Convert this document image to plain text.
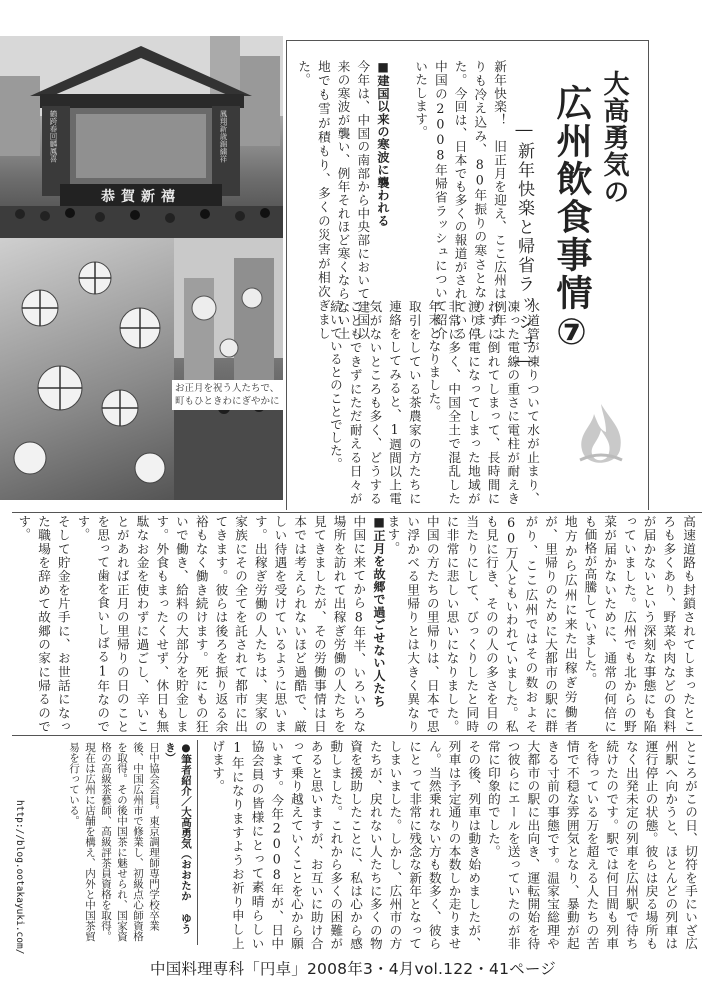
恭賀新禧
鶴跨春回麟鳳喜	鳳翔新歳錦繍祥
お正月を祝う人たちで、
町もひときわにぎやかに
大高勇気の
広州飲食事情⑦
―新年快楽と帰省ラッシュ―
新年快楽！　旧正月を迎え、ここ広州は例年よりも冷え込み、80年振りの寒さとなりました。今回は、日本でも多くの報道がされている中国の2008年帰省ラッシュについて紹介いたします。
■建国以来の寒波に襲われる
今年は、中国の南部から中央部において建国以来の寒波が襲い、例年それほど寒くならない土地でも雪が積もり、多くの災害が相次ぎました。
水道管が凍りついて水が止まり、凍った電線の重さに電柱が耐えきれずに倒れてしまって、長時間に渡り停電になってしまった地域が非常に多く、中国全土で混乱した年末となりました。
取引をしている茶農家の方たちに連絡をしてみると、1週間以上電気がないところも多く、どうすることもできずにただ耐える日々が続いているとのことでした。
高速道路も封鎖されてしまったところも多くあり、野菜や肉などの食料が届かないという深刻な事態にも陥っていました。広州でも北からの野菜が届かないために、通常の何倍にも価格が高騰していました。
地方から広州に来た出稼ぎ労働者が、里帰りのために大都市の駅に群がり、ここ広州ではその数およそ60万人ともいわれていました。私も見に行き、そのの人の多さを目の当たりにして、びっくりしたと同時に非常に悲しい思いになりました。中国の方たちの里帰りは、日本で思い浮かべる里帰りとは大きく異なります。
■正月を故郷で過ごせない人たち
中国に来てから8年半、いろいろな場所を訪れて出稼ぎ労働の人たちを見てきましたが、その労働事情は日本では考えられないほど過酷で、厳しい待遇を受けているように思います。出稼ぎ労働の人たちは、実家の家族にその全てを託されて都市に出てきます。彼らは後ろを振り返る余裕もなく働き続けます。死にもの狂いで働き、給料の大部分を貯金します。外食もまったくせず、休日も無駄なお金を使わずに過ごし、辛いことがあれば正月の里帰りの日のことを思って歯を食いしばる1年なのです。
そして貯金を片手に、お世話になった職場を辞めて故郷の家に帰るのです。
ところがこの日、切符を手にいざ広州駅へ向かうと、ほとんどの列車は運行停止の状態。彼らは戻る場所もなく出発未定の列車を広州駅で待ち続けたのです。駅では何日間も列車を待っている万を超える人たちの苦情で不穏な雰囲気となり、暴動が起きる寸前の事態です。温家宝総理や大都市の駅に出向き、運転開始を待つ彼らにエールを送っていたのが非常に印象的でした。
その後、列車は動き始めましたが、列車は予定通りの本数しか走りません。当然乗れない方も数多く、彼らにとって非常に残念な新年となってしまいました。しかし、広州市の方たちが、戻れない人たちに多くの物資を援助したことに、私は心から感動しました。これから多くの困難があると思いますが、お互いに助け合って乗り越えていくことを心から願います。今年2008年が、日中協会員の皆様にとって素晴らしい1年になりますようお祈り申し上げます。
●筆者紹介／大高勇気（おおたか ゆうき）
日中協会会員。東京調理師専門学校卒業後、中国広州市で修業し、初級点心師資格を取得。その後中国茶に魅せられ、国家資格の高級茶藝師、高級評茶員資格を取得。現在は広州に店舗を構え、内外と中国茶貿易を行っている。
http://blog.ootakayuki.com/
中国料理専科「円卓」2008年3・4月vol.122・41ページ
